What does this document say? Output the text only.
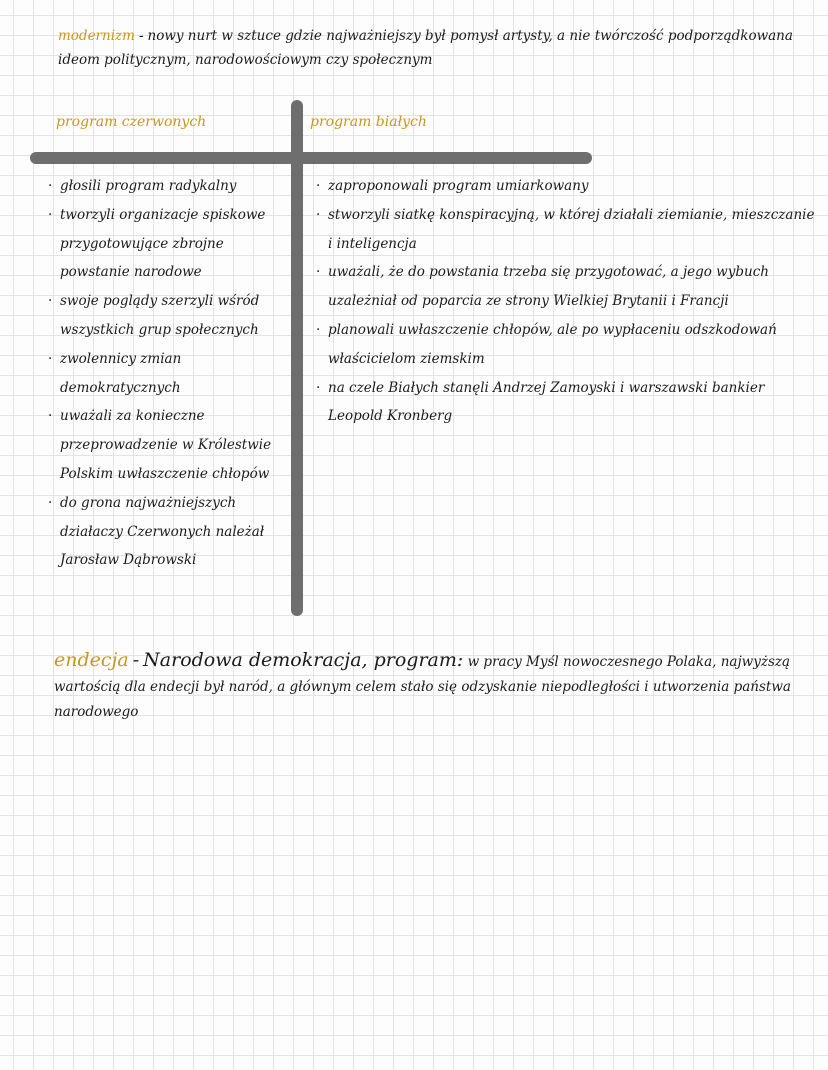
modernizm - nowy nurt w sztuce gdzie najważniejszy był pomysł artysty, a nie twórczość podporządkowana ideom politycznym, narodowościowym czy społecznym
program czerwonych	program białych
· głosili program radykalny
· tworzyli organizacje spiskowe przygotowujące zbrojne powstanie narodowe
· swoje poglądy szerzyli wśród wszystkich grup społecznych
· zwolennicy zmian demokratycznych
· uważali za konieczne przeprowadzenie w Królestwie Polskim uwłaszczenie chłopów
· do grona najważniejszych działaczy Czerwonych należał Jarosław Dąbrowski
· zaproponowali program umiarkowany
· stworzyli siatkę konspiracyjną, w której działali ziemianie, mieszczanie i inteligencja
· uważali, że do powstania trzeba się przygotować, a jego wybuch uzależniał od poparcia ze strony Wielkiej Brytanii i Francji
· planowali uwłaszczenie chłopów, ale po wypłaceniu odszkodowań właścicielom ziemskim
· na czele Białych stanęli Andrzej Zamoyski i warszawski bankier Leopold Kronberg
endecja - Narodowa demokracja, program: w pracy Myśl nowoczesnego Polaka, najwyższą wartością dla endecji był naród, a głównym celem stało się odzyskanie niepodległości i utworzenia państwa narodowego
